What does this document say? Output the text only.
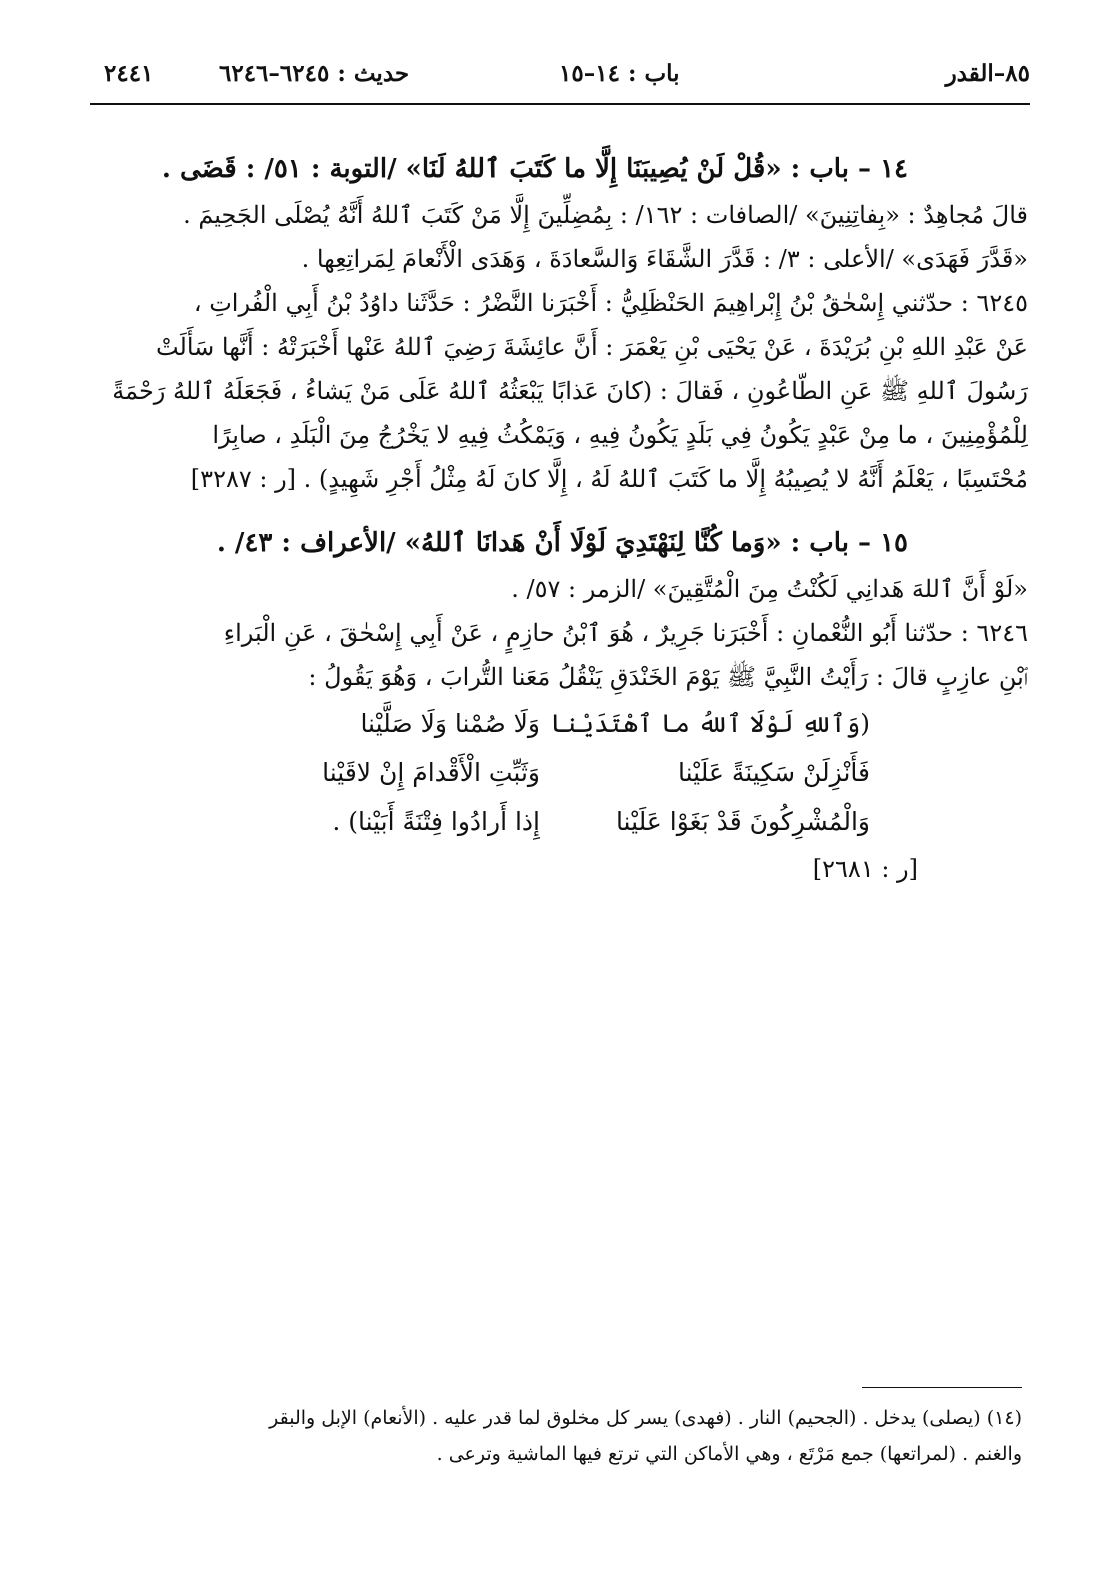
٨٥–القدر
باب : ١٤–١٥
حديث : ٦٢٤٥–٦٢٤٦
٢٤٤١
١٤ – باب : «قُلْ لَنْ يُصِيبَنَا إِلَّا ما كَتَبَ ٱللهُ لَنَا» /التوبة : ٥١/ : قَضَى .
قالَ مُجاهِدٌ : «بِفاتِنِينَ» /الصافات : ١٦٢/ : بِمُضِلِّينَ إِلَّا مَنْ كَتَبَ ٱللهُ أَنَّهُ يُصْلَى الجَحِيمَ .
«قَدَّرَ فَهَدَى» /الأعلى : ٣/ : قَدَّرَ الشَّقَاءَ وَالسَّعادَةَ ، وَهَدَى الْأَنْعامَ لِمَراتِعِها .
٦٢٤٥ : حدّثني إِسْحٰقُ بْنُ إِبْراهِيمَ الحَنْظَلِيُّ : أَخْبَرَنا النَّضْرُ : حَدَّثَنا داوُدُ بْنُ أَبِي الْفُراتِ ،
عَنْ عَبْدِ اللهِ بْنِ بُرَيْدَةَ ، عَنْ يَحْيَى بْنِ يَعْمَرَ : أَنَّ عائِشَةَ رَضِيَ ٱللهُ عَنْها أَخْبَرَتْهُ : أَنَّها سَأَلَتْ
رَسُولَ ٱللهِ ﷺ عَنِ الطّاعُونِ ، فَقالَ : (كانَ عَذابًا يَبْعَثُهُ ٱللهُ عَلَى مَنْ يَشاءُ ، فَجَعَلَهُ ٱللهُ رَحْمَةً
لِلْمُؤْمِنِينَ ، ما مِنْ عَبْدٍ يَكُونُ فِي بَلَدٍ يَكُونُ فِيهِ ، وَيَمْكُثُ فِيهِ لا يَخْرُجُ مِنَ الْبَلَدِ ، صابِرًا
مُحْتَسِبًا ، يَعْلَمُ أَنَّهُ لا يُصِيبُهُ إِلَّا ما كَتَبَ ٱللهُ لَهُ ، إِلَّا كانَ لَهُ مِثْلُ أَجْرِ شَهِيدٍ) . [ر : ٣٢٨٧]
١٥ – باب : «وَما كُنَّا لِنَهْتَدِيَ لَوْلَا أَنْ هَدانَا ٱللهُ» /الأعراف : ٤٣/ .
«لَوْ أَنَّ ٱللهَ هَدانِي لَكُنْتُ مِنَ الْمُتَّقِينَ» /الزمر : ٥٧/ .
٦٢٤٦ : حدّثنا أَبُو النُّعْمانِ : أَخْبَرَنا جَرِيرٌ ، هُوَ ٱبْنُ حازِمٍ ، عَنْ أَبِي إِسْحٰقَ ، عَنِ الْبَراءِ
ٱبْنِ عازِبٍ قالَ : رَأَيْتُ النَّبِيَّ ﷺ يَوْمَ الخَنْدَقِ يَنْقُلُ مَعَنا التُّرابَ ، وَهُوَ يَقُولُ :
(وَٱللهِ لَوْلَا ٱللهُ ما ٱهْتَدَيْنا
وَلَا صُمْنا وَلَا صَلَّيْنا
فَأَنْزِلَنْ سَكِينَةً عَلَيْنا
وَثَبِّتِ الْأَقْدامَ إِنْ لاقَيْنا
وَالْمُشْرِكُونَ قَدْ بَغَوْا عَلَيْنا
إِذا أَرادُوا فِتْنَةً أَبَيْنا) .
[ر : ٢٦٨١]
(١٤) (يصلى) يدخل . (الجحيم) النار . (فهدى) يسر كل مخلوق لما قدر عليه . (الأنعام) الإبل والبقر
والغنم . (لمراتعها) جمع مَرْتَع ، وهي الأماكن التي ترتع فيها الماشية وترعى .
